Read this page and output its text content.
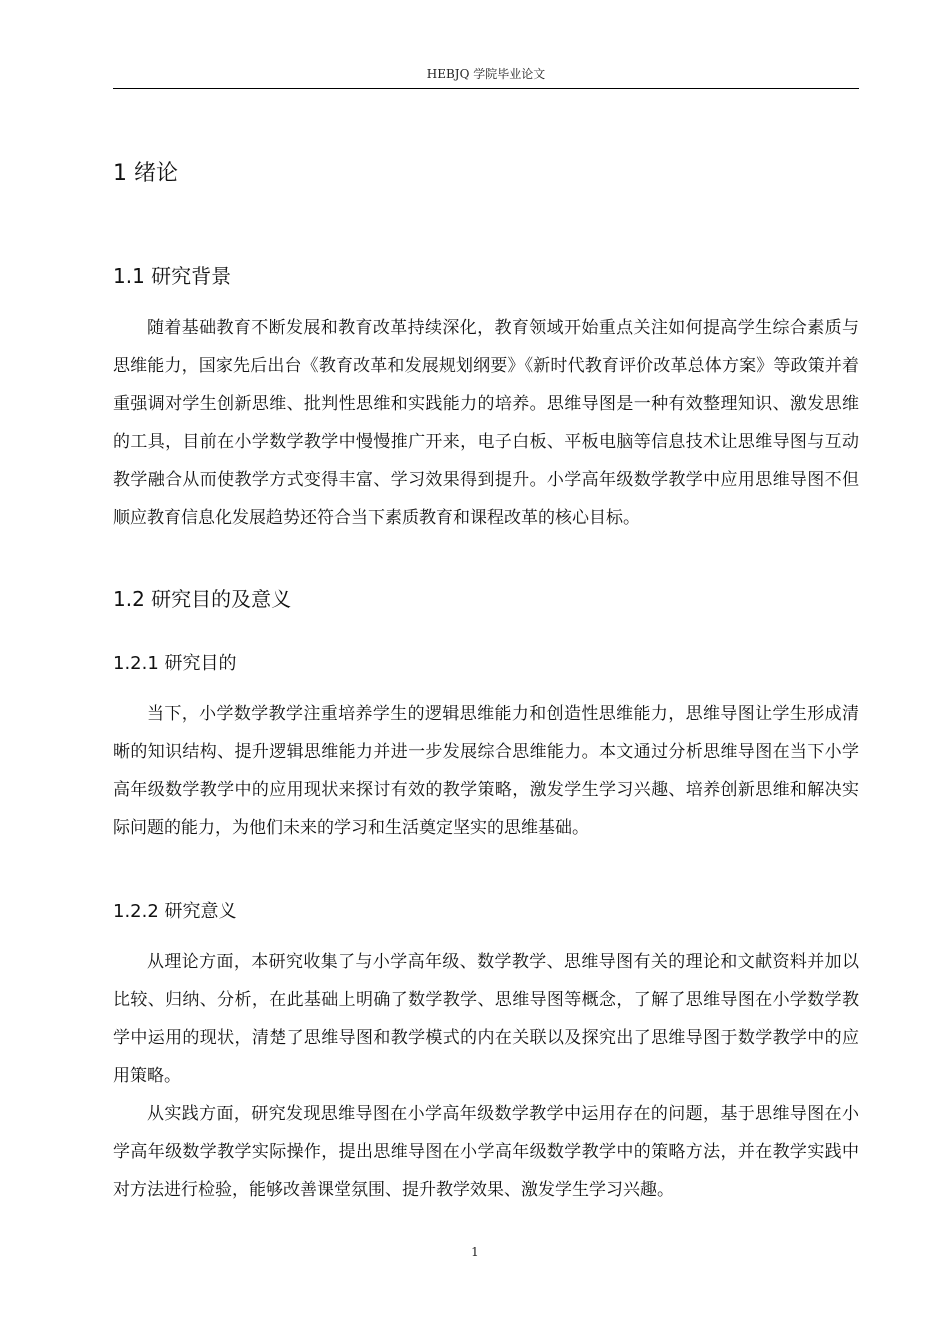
HEBJQ 学院毕业论文
1 绪论
1.1 研究背景

随着基础教育不断发展和教育改革持续深化，教育领域开始重点关注如何提高学生综合素质与思维能力，国家先后出台《教育改革和发展规划纲要》《新时代教育评价改革总体方案》等政策并着重强调对学生创新思维、批判性思维和实践能力的培养。思维导图是一种有效整理知识、激发思维的工具，目前在小学数学教学中慢慢推广开来，电子白板、平板电脑等信息技术让思维导图与互动教学融合从而使教学方式变得丰富、学习效果得到提升。小学高年级数学教学中应用思维导图不但顺应教育信息化发展趋势还符合当下素质教育和课程改革的核心目标。

1.2 研究目的及意义
1.2.1 研究目的

当下，小学数学教学注重培养学生的逻辑思维能力和创造性思维能力，思维导图让学生形成清晰的知识结构、提升逻辑思维能力并进一步发展综合思维能力。本文通过分析思维导图在当下小学高年级数学教学中的应用现状来探讨有效的教学策略，激发学生学习兴趣、培养创新思维和解决实际问题的能力，为他们未来的学习和生活奠定坚实的思维基础。

1.2.2 研究意义

从理论方面，本研究收集了与小学高年级、数学教学、思维导图有关的理论和文献资料并加以比较、归纳、分析，在此基础上明确了数学教学、思维导图等概念，了解了思维导图在小学数学教学中运用的现状，清楚了思维导图和教学模式的内在关联以及探究出了思维导图于数学教学中的应用策略。

从实践方面，研究发现思维导图在小学高年级数学教学中运用存在的问题，基于思维导图在小学高年级数学教学实际操作，提出思维导图在小学高年级数学教学中的策略方法，并在教学实践中对方法进行检验，能够改善课堂氛围、提升教学效果、激发学生学习兴趣。

1
